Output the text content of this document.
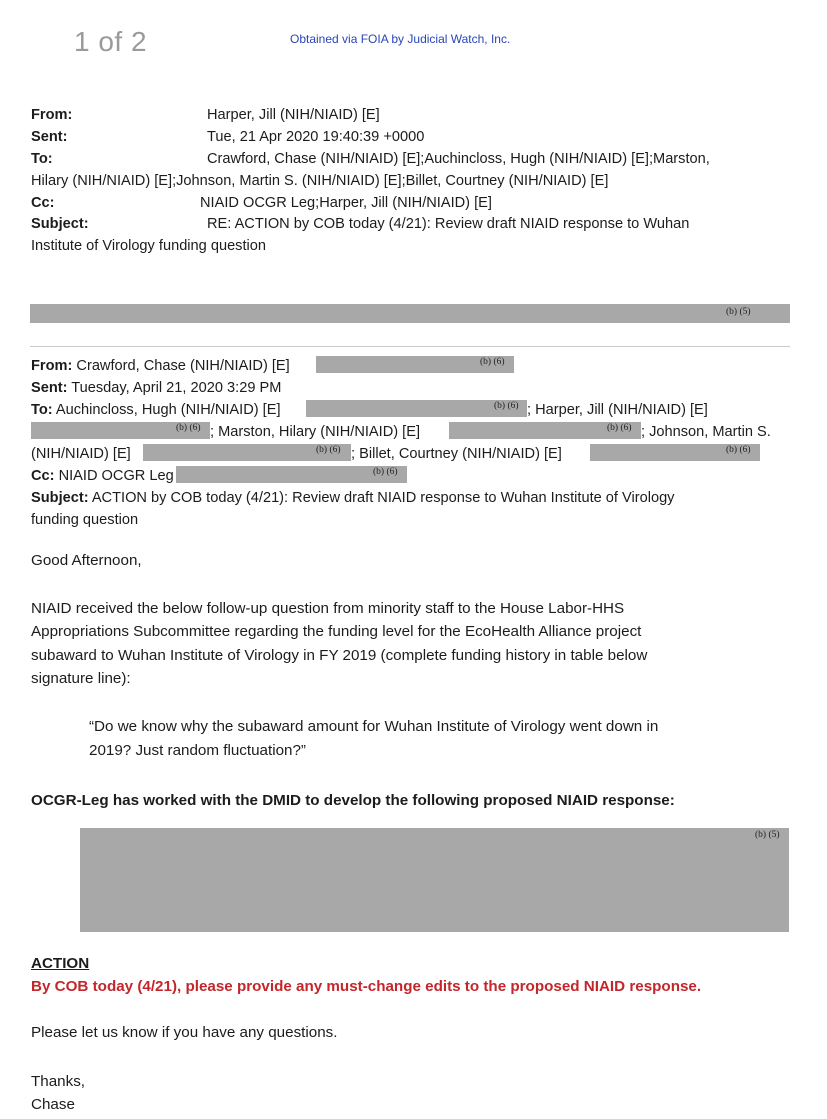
1 of 2	Obtained via FOIA by Judicial Watch, Inc.
From:	Harper, Jill (NIH/NIAID) [E]
Sent:	Tue, 21 Apr 2020 19:40:39 +0000
To:	Crawford, Chase (NIH/NIAID) [E];Auchincloss, Hugh (NIH/NIAID) [E];Marston,
Hilary (NIH/NIAID) [E];Johnson, Martin S. (NIH/NIAID) [E];Billet, Courtney (NIH/NIAID) [E]
Cc:	NIAID OCGR Leg;Harper, Jill (NIH/NIAID) [E]
Subject:	RE: ACTION by COB today (4/21): Review draft NIAID response to Wuhan
Institute of Virology funding question
(b) (5)
From: Crawford, Chase (NIH/NIAID) [E]	(b) (6)
Sent: Tuesday, April 21, 2020 3:29 PM
To: Auchincloss, Hugh (NIH/NIAID) [E]	(b) (6) ; Harper, Jill (NIH/NIAID) [E]
(b) (6) ; Marston, Hilary (NIH/NIAID) [E]	(b) (6) ; Johnson, Martin S.
(NIH/NIAID) [E]	(b) (6) ; Billet, Courtney (NIH/NIAID) [E]	(b) (6)
Cc: NIAID OCGR Leg	(b) (6)
Subject: ACTION by COB today (4/21): Review draft NIAID response to Wuhan Institute of Virology
funding question
Good Afternoon,
NIAID received the below follow-up question from minority staff to the House Labor-HHS
Appropriations Subcommittee regarding the funding level for the EcoHealth Alliance project
subaward to Wuhan Institute of Virology in FY 2019 (complete funding history in table below
signature line):
“Do we know why the subaward amount for Wuhan Institute of Virology went down in
2019? Just random fluctuation?”
OCGR-Leg has worked with the DMID to develop the following proposed NIAID response:
(b) (5)
ACTION
By COB today (4/21), please provide any must-change edits to the proposed NIAID response.
Please let us know if you have any questions.
Thanks,
Chase
